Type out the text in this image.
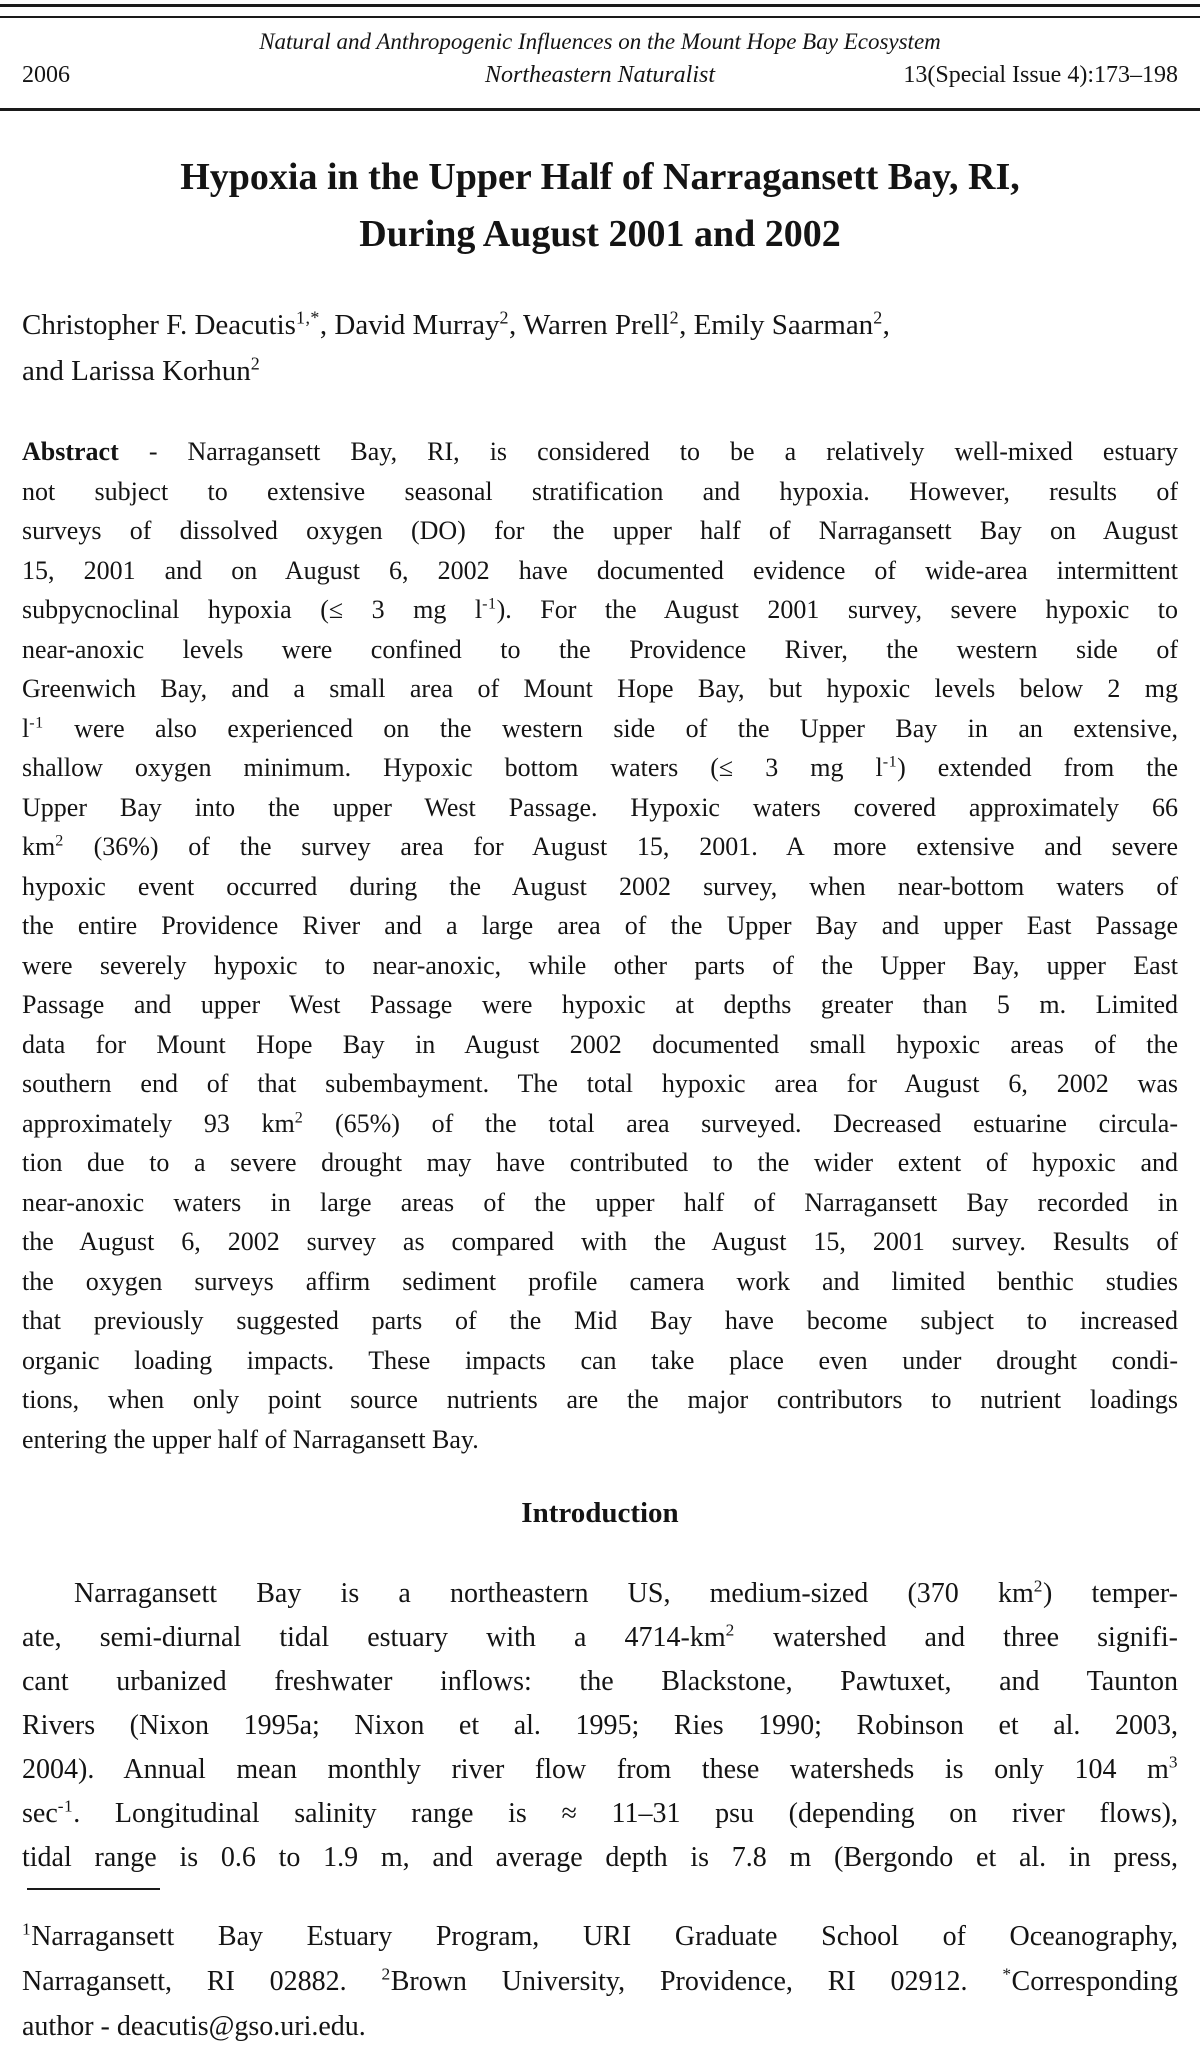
Natural and Anthropogenic Influences on the Mount Hope Bay Ecosystem
2006	Northeastern Naturalist	13(Special Issue 4):173–198
Hypoxia in the Upper Half of Narragansett Bay, RI,
During August 2001 and 2002
Christopher F. Deacutis$^{1,*}$, David Murray$^2$, Warren Prell$^2$, Emily Saarman$^2$,
and Larissa Korhun$^2$
Abstract - Narragansett Bay, RI, is considered to be a relatively well-mixed estuary
not subject to extensive seasonal stratification and hypoxia. However, results of
surveys of dissolved oxygen (DO) for the upper half of Narragansett Bay on August
15, 2001 and on August 6, 2002 have documented evidence of wide-area intermittent
subpycnoclinal hypoxia (≤ 3 mg $l^{-1}$). For the August 2001 survey, severe hypoxic to
near-anoxic levels were confined to the Providence River, the western side of
Greenwich Bay, and a small area of Mount Hope Bay, but hypoxic levels below 2 mg
$l^{-1}$ were also experienced on the western side of the Upper Bay in an extensive,
shallow oxygen minimum. Hypoxic bottom waters (≤ 3 mg $l^{-1}$) extended from the
Upper Bay into the upper West Passage. Hypoxic waters covered approximately 66
$km^2$ (36%) of the survey area for August 15, 2001. A more extensive and severe
hypoxic event occurred during the August 2002 survey, when near-bottom waters of
the entire Providence River and a large area of the Upper Bay and upper East Passage
were severely hypoxic to near-anoxic, while other parts of the Upper Bay, upper East
Passage and upper West Passage were hypoxic at depths greater than 5 m. Limited
data for Mount Hope Bay in August 2002 documented small hypoxic areas of the
southern end of that subembayment. The total hypoxic area for August 6, 2002 was
approximately 93 $km^2$ (65%) of the total area surveyed. Decreased estuarine circula-
tion due to a severe drought may have contributed to the wider extent of hypoxic and
near-anoxic waters in large areas of the upper half of Narragansett Bay recorded in
the August 6, 2002 survey as compared with the August 15, 2001 survey. Results of
the oxygen surveys affirm sediment profile camera work and limited benthic studies
that previously suggested parts of the Mid Bay have become subject to increased
organic loading impacts. These impacts can take place even under drought condi-
tions, when only point source nutrients are the major contributors to nutrient loadings
entering the upper half of Narragansett Bay.
Introduction
Narragansett Bay is a northeastern US, medium-sized (370 $km^2$) temper-
ate, semi-diurnal tidal estuary with a $4714-km^2$ watershed and three signifi-
cant urbanized freshwater inflows: the Blackstone, Pawtuxet, and Taunton
Rivers (Nixon 1995a; Nixon et al. 1995; Ries 1990; Robinson et al. 2003,
2004). Annual mean monthly river flow from these watersheds is only 104 $m^3$
$\sec^{-1}$. Longitudinal salinity range is ≈ 11–31 psu (depending on river flows),
tidal range is 0.6 to 1.9 m, and average depth is 7.8 m (Bergondo et al. in press,
$^1$Narragansett Bay Estuary Program, URI Graduate School of Oceanography,
Narragansett, RI 02882. $^2$Brown University, Providence, RI 02912. *Corresponding
author - deacutis@gso.uri.edu.
